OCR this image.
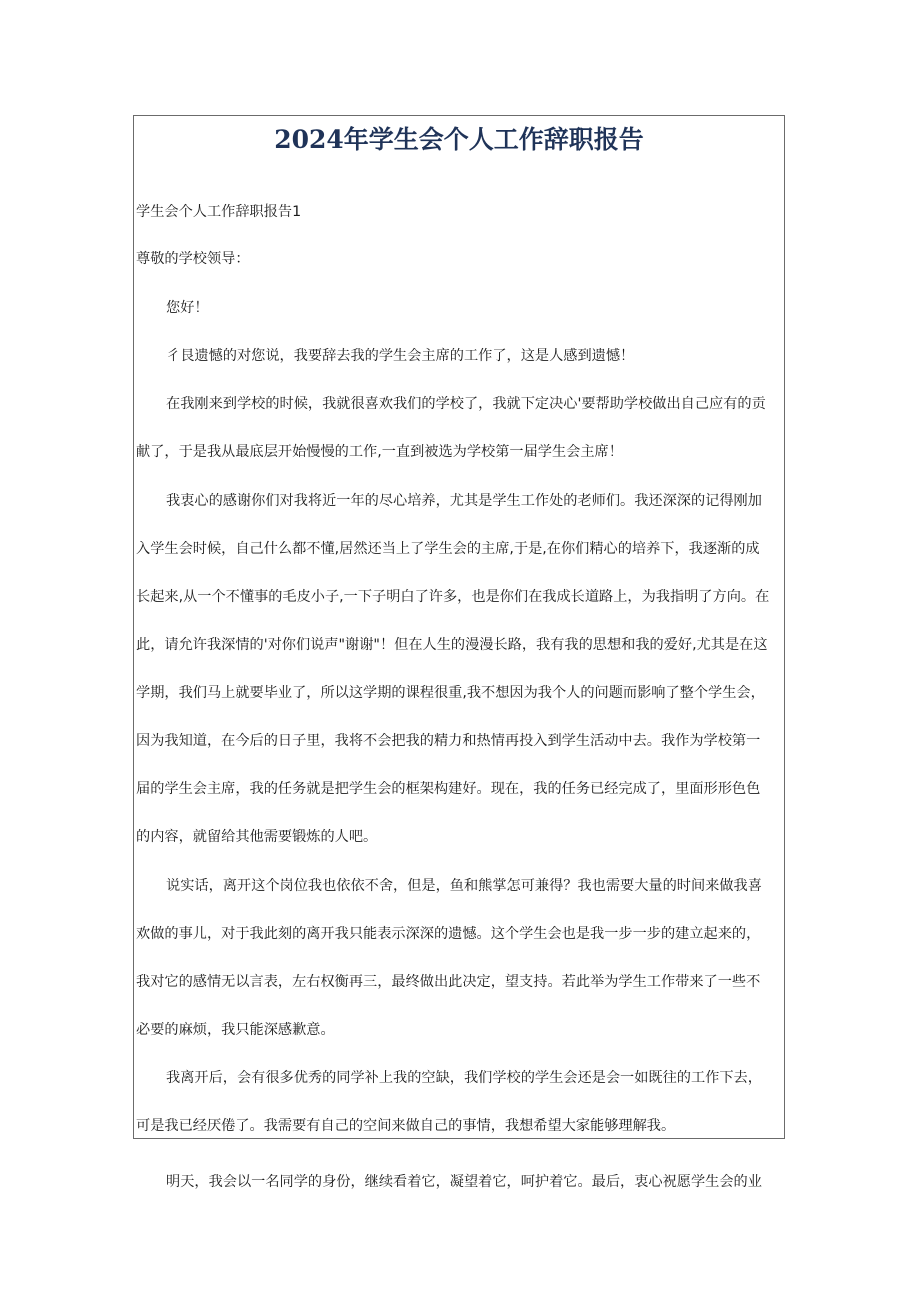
2024年学生会个人工作辞职报告

学生会个人工作辞职报告1

尊敬的学校领导：

您好！

彳艮遗憾的对您说，我要辞去我的学生会主席的工作了，这是人感到遗憾！

在我刚来到学校的时候，我就很喜欢我们的学校了，我就下定决心'要帮助学校做出自己应有的贡

献了，于是我从最底层开始慢慢的工作,一直到被选为学校第一届学生会主席！

我衷心的感谢你们对我将近一年的尽心培养，尤其是学生工作处的老师们。我还深深的记得刚加

入学生会时候，自己什么都不懂,居然还当上了学生会的主席,于是,在你们精心的培养下，我逐渐的成

长起来,从一个不懂事的毛皮小子,一下子明白了许多，也是你们在我成长道路上，为我指明了方向。在

此，请允许我深情的'对你们说声"谢谢"！但在人生的漫漫长路，我有我的思想和我的爱好,尤其是在这

学期，我们马上就要毕业了，所以这学期的课程很重,我不想因为我个人的问题而影响了整个学生会，

因为我知道，在今后的日子里，我将不会把我的精力和热情再投入到学生活动中去。我作为学校第一

届的学生会主席，我的任务就是把学生会的框架构建好。现在，我的任务已经完成了，里面形形色色

的内容，就留给其他需要锻炼的人吧。

说实话，离开这个岗位我也依依不舍，但是，鱼和熊掌怎可兼得？我也需要大量的时间来做我喜

欢做的事儿，对于我此刻的离开我只能表示深深的遗憾。这个学生会也是我一步一步的建立起来的，

我对它的感情无以言表，左右权衡再三，最终做出此决定，望支持。若此举为学生工作带来了一些不

必要的麻烦，我只能深感歉意。

我离开后，会有很多优秀的同学补上我的空缺，我们学校的学生会还是会一如既往的工作下去，

可是我已经厌倦了。我需要有自己的空间来做自己的事情，我想希望大家能够理解我。

明天，我会以一名同学的身份，继续看着它，凝望着它，呵护着它。最后，衷心祝愿学生会的业
